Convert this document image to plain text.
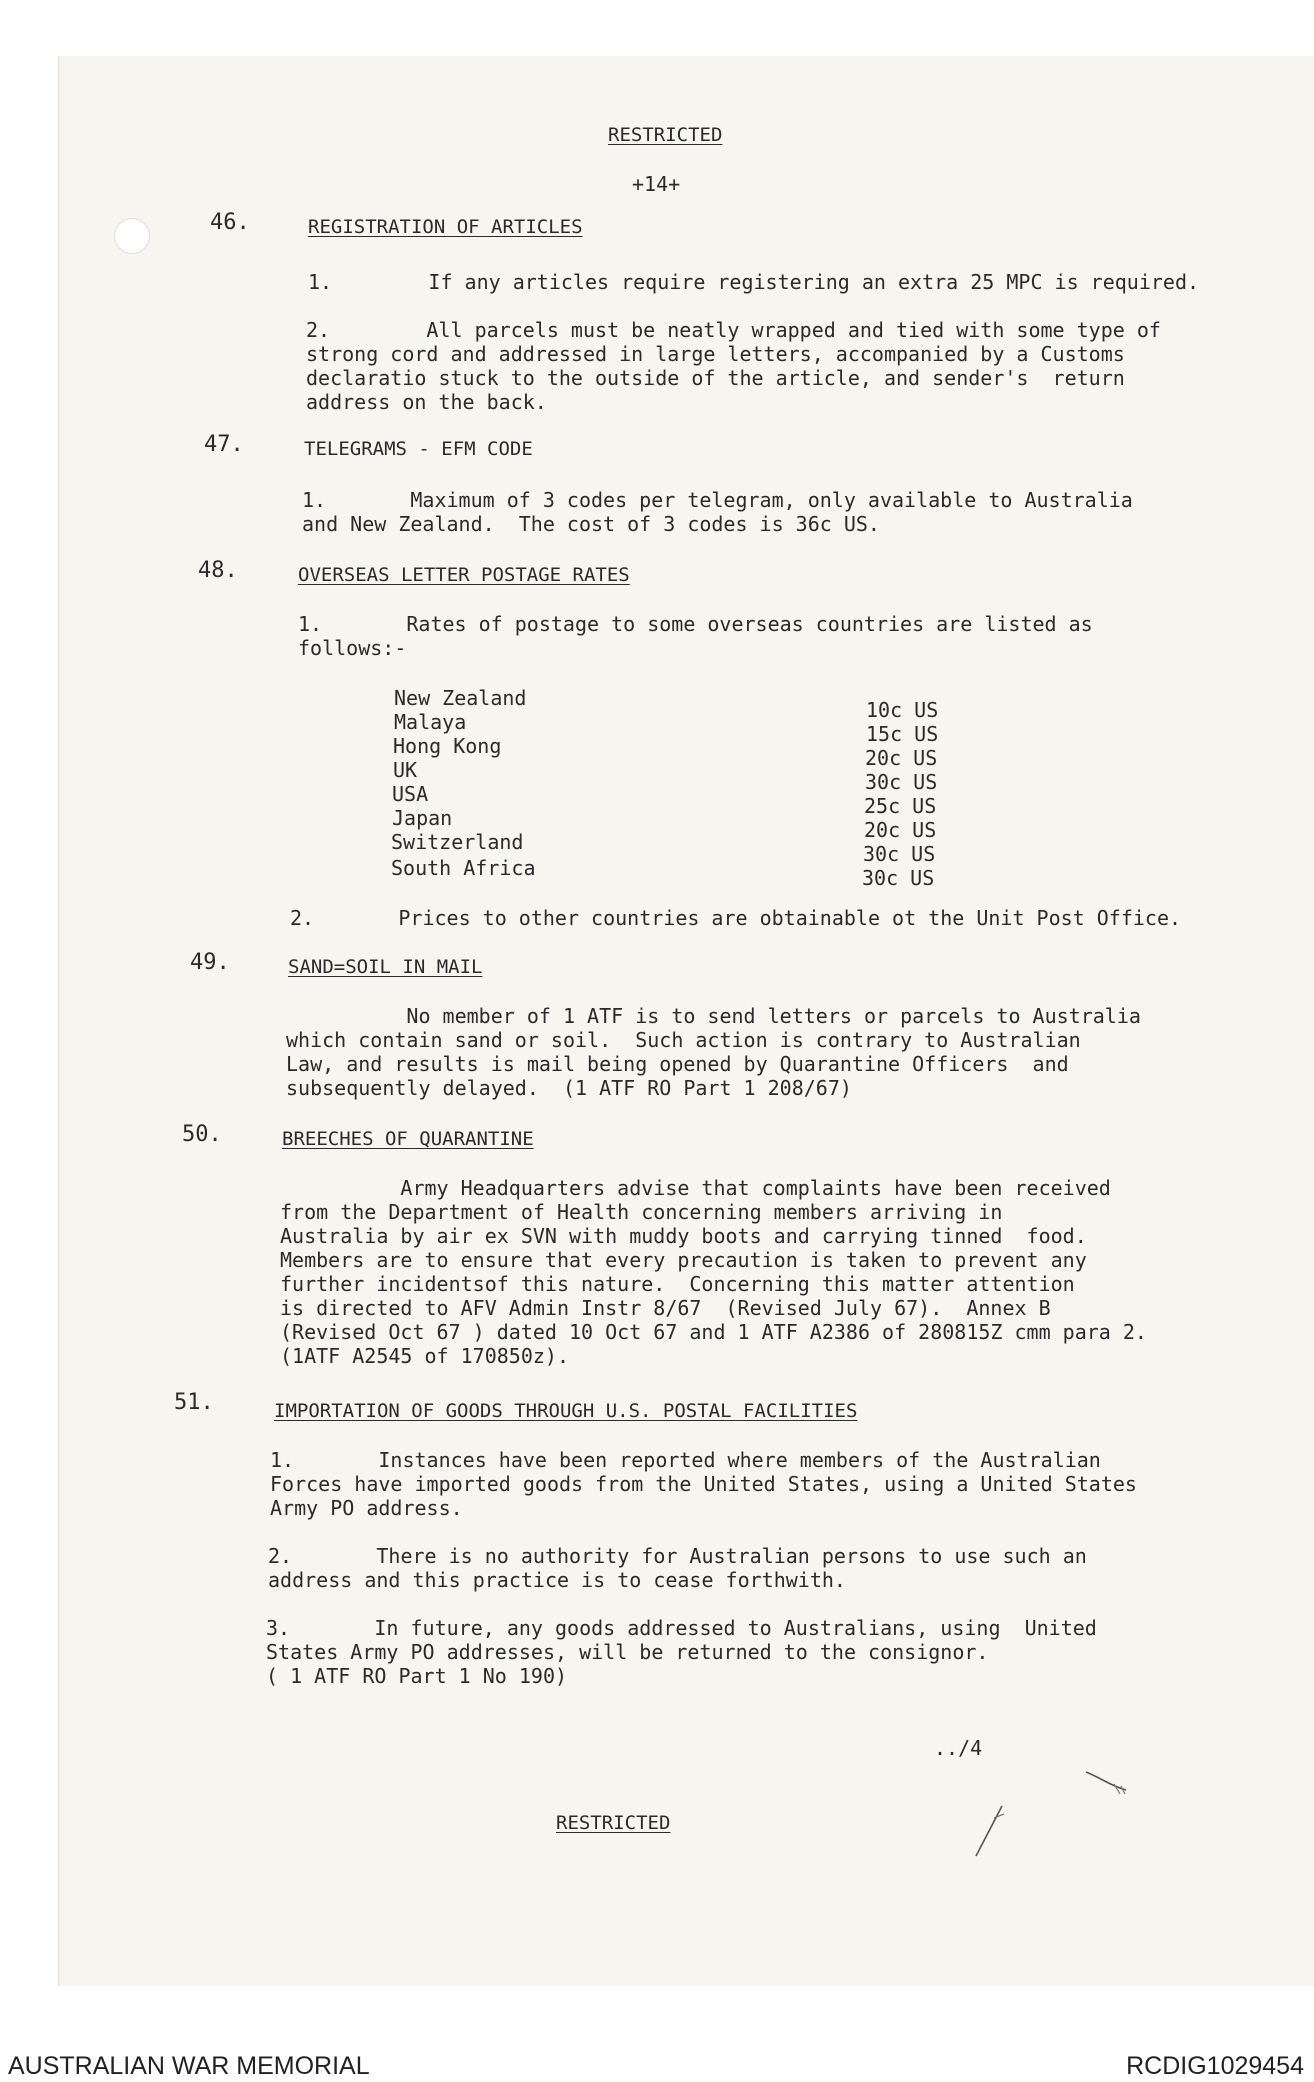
RESTRICTED
+14+
46.	REGISTRATION OF ARTICLES
1.        If any articles require registering an extra 25 MPC is required.
2.        All parcels must be neatly wrapped and tied with some type of
strong cord and addressed in large letters, accompanied by a Customs
declaratio stuck to the outside of the article, and sender's  return
address on the back.
47.	TELEGRAMS - EFM CODE
1.       Maximum of 3 codes per telegram, only available to Australia
and New Zealand.  The cost of 3 codes is 36c US.
48.	OVERSEAS LETTER POSTAGE RATES
1.       Rates of postage to some overseas countries are listed as
follows:-
New Zealand	10c US
Malaya	15c US
Hong Kong	20c US
UK	30c US
USA	25c US
Japan	20c US
Switzerland	30c US
South Africa	30c US
2.       Prices to other countries are obtainable ot the Unit Post Office.
49.	SAND=SOIL IN MAIL
No member of 1 ATF is to send letters or parcels to Australia
which contain sand or soil.  Such action is contrary to Australian
Law, and results is mail being opened by Quarantine Officers  and
subsequently delayed.  (1 ATF RO Part 1 208/67)
50.	BREECHES OF QUARANTINE
Army Headquarters advise that complaints have been received
from the Department of Health concerning members arriving in
Australia by air ex SVN with muddy boots and carrying tinned  food.
Members are to ensure that every precaution is taken to prevent any
further incidentsof this nature.  Concerning this matter attention
is directed to AFV Admin Instr 8/67  (Revised July 67).  Annex B
(Revised Oct 67 ) dated 10 Oct 67 and 1 ATF A2386 of 280815Z cmm para 2.
(1ATF A2545 of 170850z).
51.	IMPORTATION OF GOODS THROUGH U.S. POSTAL FACILITIES
1.       Instances have been reported where members of the Australian
Forces have imported goods from the United States, using a United States
Army PO address.
2.       There is no authority for Australian persons to use such an
address and this practice is to cease forthwith.
3.       In future, any goods addressed to Australians, using  United
States Army PO addresses, will be returned to the consignor.
( 1 ATF RO Part 1 No 190)
../4
RESTRICTED
AUSTRALIAN WAR MEMORIAL	RCDIG1029454
